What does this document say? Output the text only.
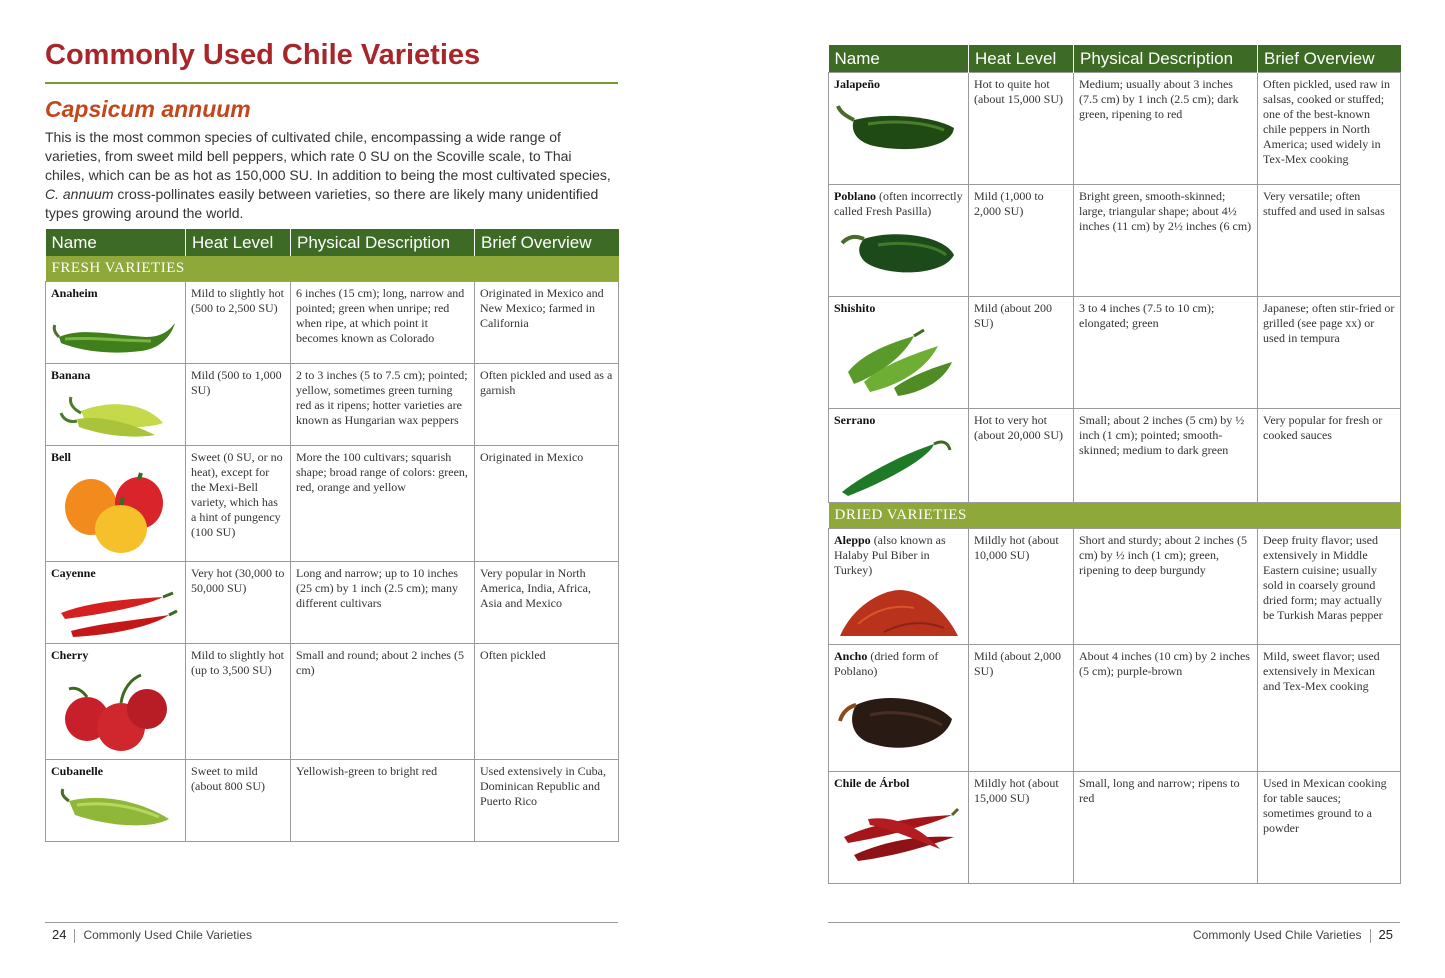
Commonly Used Chile Varieties
Capsicum annuum

This is the most common species of cultivated chile, encompassing a wide range of varieties, from sweet mild bell peppers, which rate 0 SU on the Scoville scale, to Thai chiles, which can be as hot as 150,000 SU. In addition to being the most cultivated species, C. annuum cross-pollinates easily between varieties, so there are likely many unidentified types growing around the world.

Name	Heat Level	Physical Description	Brief Overview
FRESH VARIETIES			
Anaheim	Mild to slightly hot (500 to 2,500 SU)	6 inches (15 cm); long, narrow and pointed; green when unripe; red when ripe, at which point it becomes known as Colorado	Originated in Mexico and New Mexico; farmed in California
Banana	Mild (500 to 1,000 SU)	2 to 3 inches (5 to 7.5 cm); pointed; yellow, sometimes green turning red as it ripens; hotter varieties are known as Hungarian wax peppers	Often pickled and used as a garnish
Bell	Sweet (0 SU, or no heat), except for the Mexi-Bell variety, which has a hint of pungency (100 SU)	More the 100 cultivars; squarish shape; broad range of colors: green, red, orange and yellow	Originated in Mexico
Cayenne	Very hot (30,000 to 50,000 SU)	Long and narrow; up to 10 inches (25 cm) by 1 inch (2.5 cm); many different cultivars	Very popular in North America, India, Africa, Asia and Mexico
Cherry	Mild to slightly hot (up to 3,500 SU)	Small and round; about 2 inches (5 cm)	Often pickled
Cubanelle	Sweet to mild (about 800 SU)	Yellowish-green to bright red	Used extensively in Cuba, Dominican Republic and Puerto Rico
Name	Heat Level	Physical Description	Brief Overview
Jalapeño	Hot to quite hot (about 15,000 SU)	Medium; usually about 3 inches (7.5 cm) by 1 inch (2.5 cm); dark green, ripening to red	Often pickled, used raw in salsas, cooked or stuffed; one of the best-known chile peppers in North America; used widely in Tex-Mex cooking
Poblano (often incorrectly called Fresh Pasilla)	Mild (1,000 to 2,000 SU)	Bright green, smooth-skinned; large, triangular shape; about 4½ inches (11 cm) by 2½ inches (6 cm)	Very versatile; often stuffed and used in salsas
Shishito	Mild (about 200 SU)	3 to 4 inches (7.5 to 10 cm); elongated; green	Japanese; often stir-fried or grilled (see page xx) or used in tempura
Serrano	Hot to very hot (about 20,000 SU)	Small; about 2 inches (5 cm) by ½ inch (1 cm); pointed; smooth-skinned; medium to dark green	Very popular for fresh or cooked sauces
DRIED VARIETIES			
Aleppo (also known as Halaby Pul Biber in Turkey)	Mildly hot (about 10,000 SU)	Short and sturdy; about 2 inches (5 cm) by ½ inch (1 cm); green, ripening to deep burgundy	Deep fruity flavor; used extensively in Middle Eastern cuisine; usually sold in coarsely ground dried form; may actually be Turkish Maras pepper
Ancho (dried form of Poblano)	Mild (about 2,000 SU)	About 4 inches (10 cm) by 2 inches (5 cm); purple-brown	Mild, sweet flavor; used extensively in Mexican and Tex-Mex cooking
Chile de Árbol	Mildly hot (about 15,000 SU)	Small, long and narrow; ripens to red	Used in Mexican cooking for table sauces; sometimes ground to a powder
24 Commonly Used Chile Varieties	Commonly Used Chile Varieties 25
